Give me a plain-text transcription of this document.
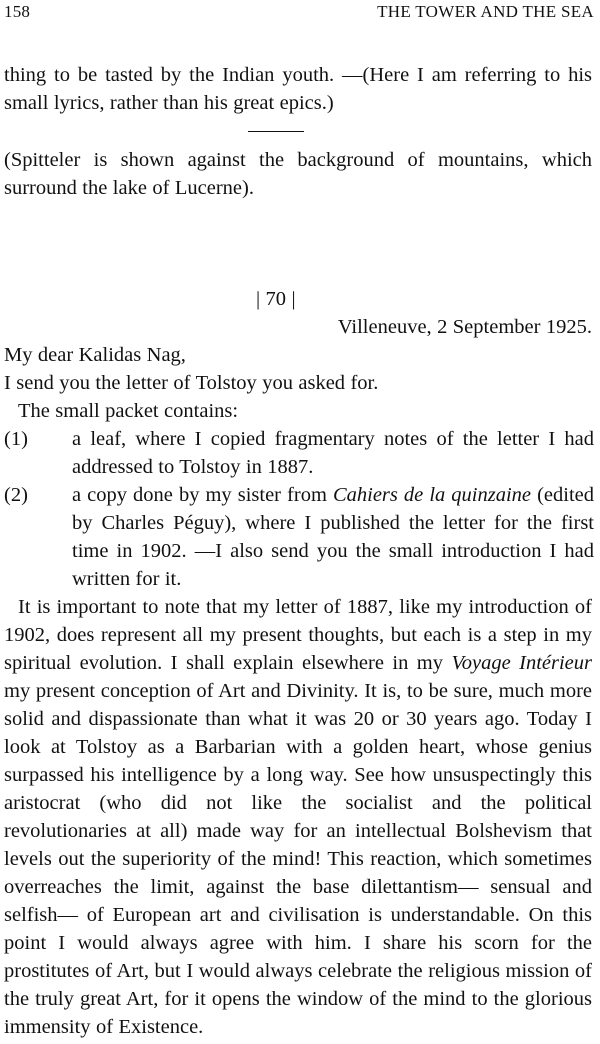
158	THE TOWER AND THE SEA

thing to be tasted by the Indian youth. —(Here I am referring to his small lyrics, rather than his great epics.)

(Spitteler is shown against the background of mountains, which surround the lake of Lucerne).

| 70 |

Villeneuve, 2 September 1925.

My dear Kalidas Nag,

I send you the letter of Tolstoy you asked for.

The small packet contains:

(1)	a leaf, where I copied fragmentary notes of the letter I had addressed to Tolstoy in 1887.

(2)	a copy done by my sister from Cahiers de la quinzaine (edited by Charles Péguy), where I published the letter for the first time in 1902. —I also send you the small introduction I had written for it.

It is important to note that my letter of 1887, like my introduction of 1902, does represent all my present thoughts, but each is a step in my spiritual evolution. I shall explain elsewhere in my Voyage Intérieur my present conception of Art and Divinity. It is, to be sure, much more solid and dispassionate than what it was 20 or 30 years ago. Today I look at Tolstoy as a Barbarian with a golden heart, whose genius surpassed his intelligence by a long way. See how unsuspectingly this aristocrat (who did not like the socialist and the political revolutionaries at all) made way for an intellectual Bolshevism that levels out the superiority of the mind! This reaction, which sometimes overreaches the limit, against the base dilettantism— sensual and selfish— of European art and civilisation is understandable. On this point I would always agree with him. I share his scorn for the prostitutes of Art, but I would always celebrate the religious mission of the truly great Art, for it opens the window of the mind to the glorious immensity of Existence.
